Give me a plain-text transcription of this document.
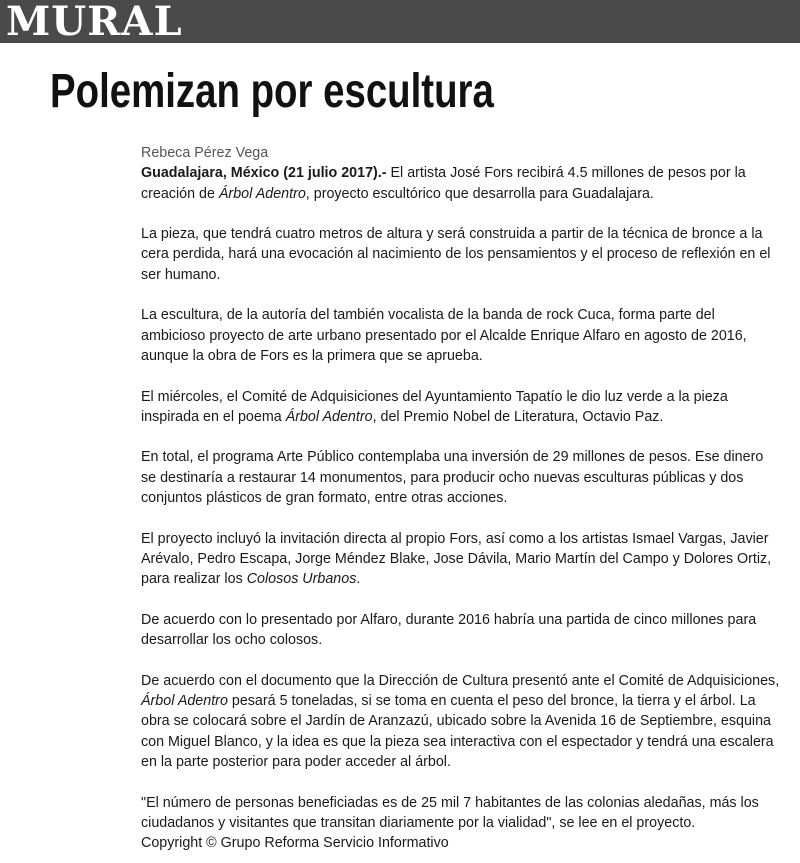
MURAL
Polemizan por escultura
Rebeca Pérez Vega

Guadalajara, México (21 julio 2017).- El artista José Fors recibirá 4.5 millones de pesos por la creación de Árbol Adentro, proyecto escultórico que desarrolla para Guadalajara.

La pieza, que tendrá cuatro metros de altura y será construida a partir de la técnica de bronce a la cera perdida, hará una evocación al nacimiento de los pensamientos y el proceso de reflexión en el ser humano.

La escultura, de la autoría del también vocalista de la banda de rock Cuca, forma parte del ambicioso proyecto de arte urbano presentado por el Alcalde Enrique Alfaro en agosto de 2016, aunque la obra de Fors es la primera que se aprueba.

El miércoles, el Comité de Adquisiciones del Ayuntamiento Tapatío le dio luz verde a la pieza inspirada en el poema Árbol Adentro, del Premio Nobel de Literatura, Octavio Paz.

En total, el programa Arte Público contemplaba una inversión de 29 millones de pesos. Ese dinero se destinaría a restaurar 14 monumentos, para producir ocho nuevas esculturas públicas y dos conjuntos plásticos de gran formato, entre otras acciones.

El proyecto incluyó la invitación directa al propio Fors, así como a los artistas Ismael Vargas, Javier Arévalo, Pedro Escapa, Jorge Méndez Blake, Jose Dávila, Mario Martín del Campo y Dolores Ortiz, para realizar los Colosos Urbanos.

De acuerdo con lo presentado por Alfaro, durante 2016 habría una partida de cinco millones para desarrollar los ocho colosos.

De acuerdo con el documento que la Dirección de Cultura presentó ante el Comité de Adquisiciones, Árbol Adentro pesará 5 toneladas, si se toma en cuenta el peso del bronce, la tierra y el árbol. La obra se colocará sobre el Jardín de Aranzazú, ubicado sobre la Avenida 16 de Septiembre, esquina con Miguel Blanco, y la idea es que la pieza sea interactiva con el espectador y tendrá una escalera en la parte posterior para poder acceder al árbol.

"El número de personas beneficiadas es de 25 mil 7 habitantes de las colonias aledañas, más los ciudadanos y visitantes que transitan diariamente por la vialidad", se lee en el proyecto.

Copyright © Grupo Reforma Servicio Informativo
